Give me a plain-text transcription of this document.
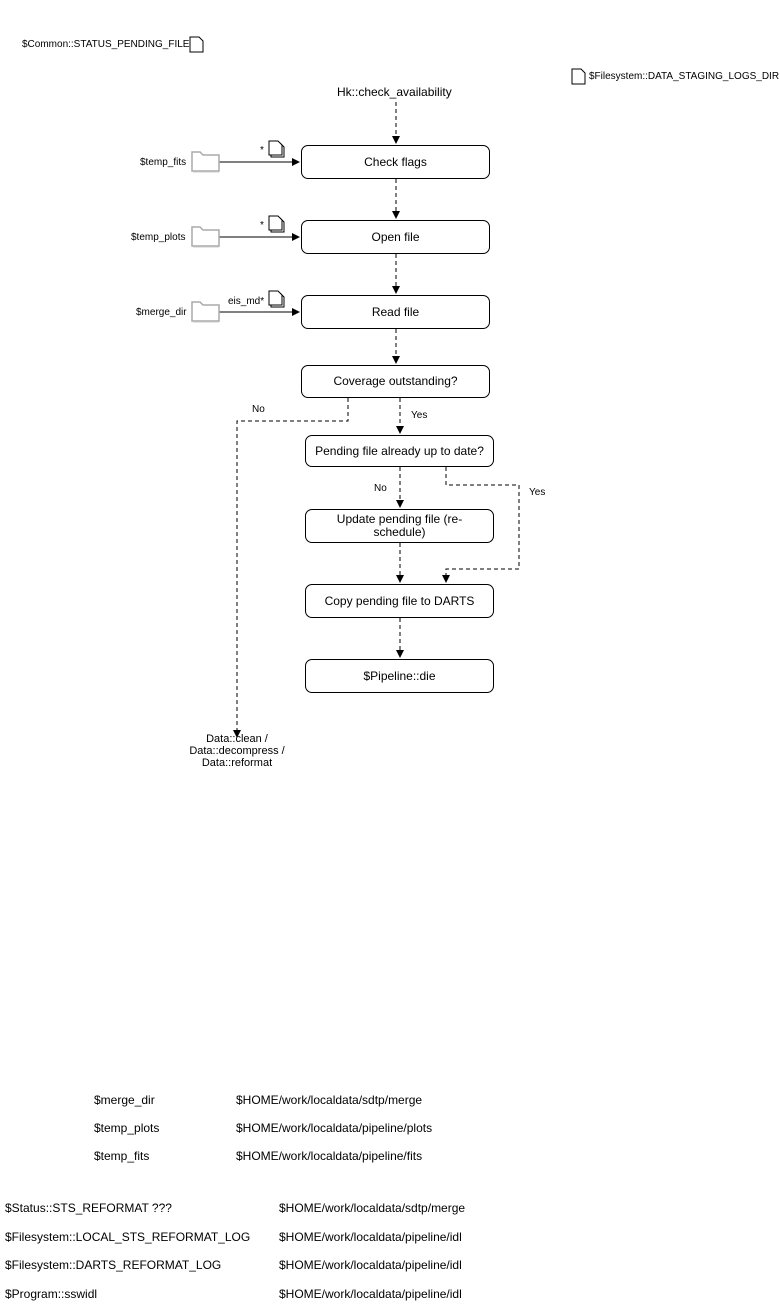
$Common::STATUS_PENDING_FILE
$Filesystem::DATA_STAGING_LOGS_DIR
Hk::check_availability
Check flags
Open file
Read file
Coverage outstanding?
Pending file already up to date?
Update pending file (re-schedule)
Copy pending file to DARTS
$Pipeline::die
$temp_fits
$temp_plots
$merge_dir
*
*
eis_md*
No
Yes
No	Yes
Data::clean /
Data::decompress /
Data::reformat
$merge_dir	$HOME/work/localdata/sdtp/merge
$temp_plots	$HOME/work/localdata/pipeline/plots
$temp_fits	$HOME/work/localdata/pipeline/fits
$Status::STS_REFORMAT ???	$HOME/work/localdata/sdtp/merge
$Filesystem::LOCAL_STS_REFORMAT_LOG $HOME/work/localdata/pipeline/idl
$Filesystem::DARTS_REFORMAT_LOG	$HOME/work/localdata/pipeline/idl
$Program::sswidl	$HOME/work/localdata/pipeline/idl
